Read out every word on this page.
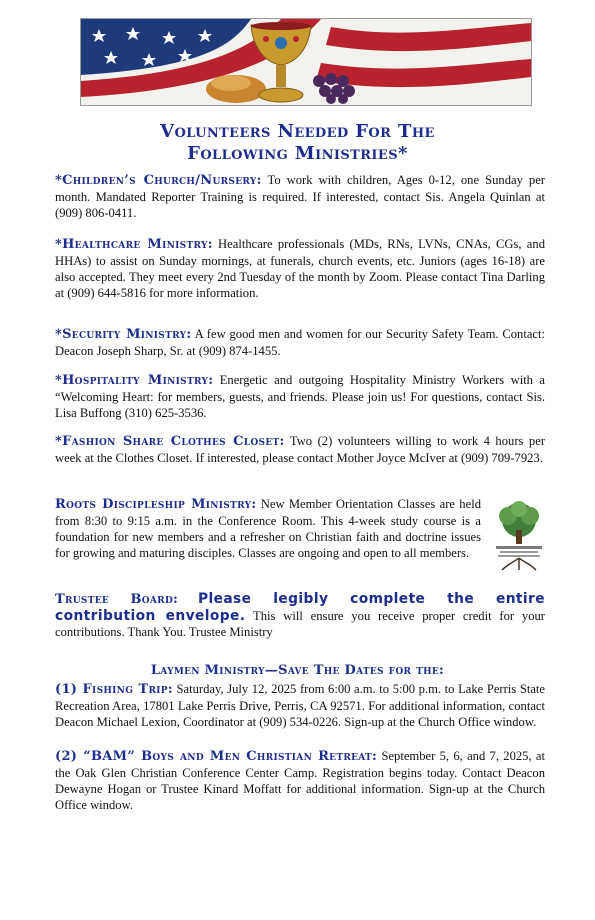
Volunteers Needed For The
Following Ministries*

*Children’s Church/Nursery: To work with children, Ages 0-12, one Sunday per month. Mandated Reporter Training is required. If interested, contact Sis. Angela Quinlan at (909) 806-0411.

*Healthcare Ministry: Healthcare professionals (MDs, RNs, LVNs, CNAs, CGs, and HHAs) to assist on Sunday mornings, at funerals, church events, etc. Juniors (ages 16-18) are also accepted. They meet every 2nd Tuesday of the month by Zoom. Please contact Tina Darling at (909) 644-5816 for more information.

*Security Ministry: A few good men and women for our Security Safety Team. Contact: Deacon Joseph Sharp, Sr. at (909) 874-1455.

*Hospitality Ministry: Energetic and outgoing Hospitality Ministry Workers with a “Welcoming Heart: for members, guests, and friends. Please join us! For questions, contact Sis. Lisa Buffong (310) 625-3536.

*Fashion Share Clothes Closet: Two (2) volunteers willing to work 4 hours per week at the Clothes Closet. If interested, please contact Mother Joyce McIver at (909) 709-7923.

Roots Discipleship Ministry: New Member Orientation Classes are held from 8:30 to 9:15 a.m. in the Conference Room. This 4-week study course is a foundation for new members and a refresher on Christian faith and doctrine issues for growing and maturing disciples. Classes are ongoing and open to all members.

Trustee Board: Please legibly complete the entire contribution envelope. This will ensure you receive proper credit for your contributions. Thank You. Trustee Ministry

Laymen Ministry—Save The Dates for the:

(1) Fishing Trip: Saturday, July 12, 2025 from 6:00 a.m. to 5:00 p.m. to Lake Perris State Recreation Area, 17801 Lake Perris Drive, Perris, CA 92571. For additional information, contact Deacon Michael Lexion, Coordinator at (909) 534-0226. Sign-up at the Church Office window.

(2) “BAM” Boys and Men Christian Retreat: September 5, 6, and 7, 2025, at the Oak Glen Christian Conference Center Camp. Registration begins today. Contact Deacon Dewayne Hogan or Trustee Kinard Moffatt for additional information. Sign-up at the Church Office window.
